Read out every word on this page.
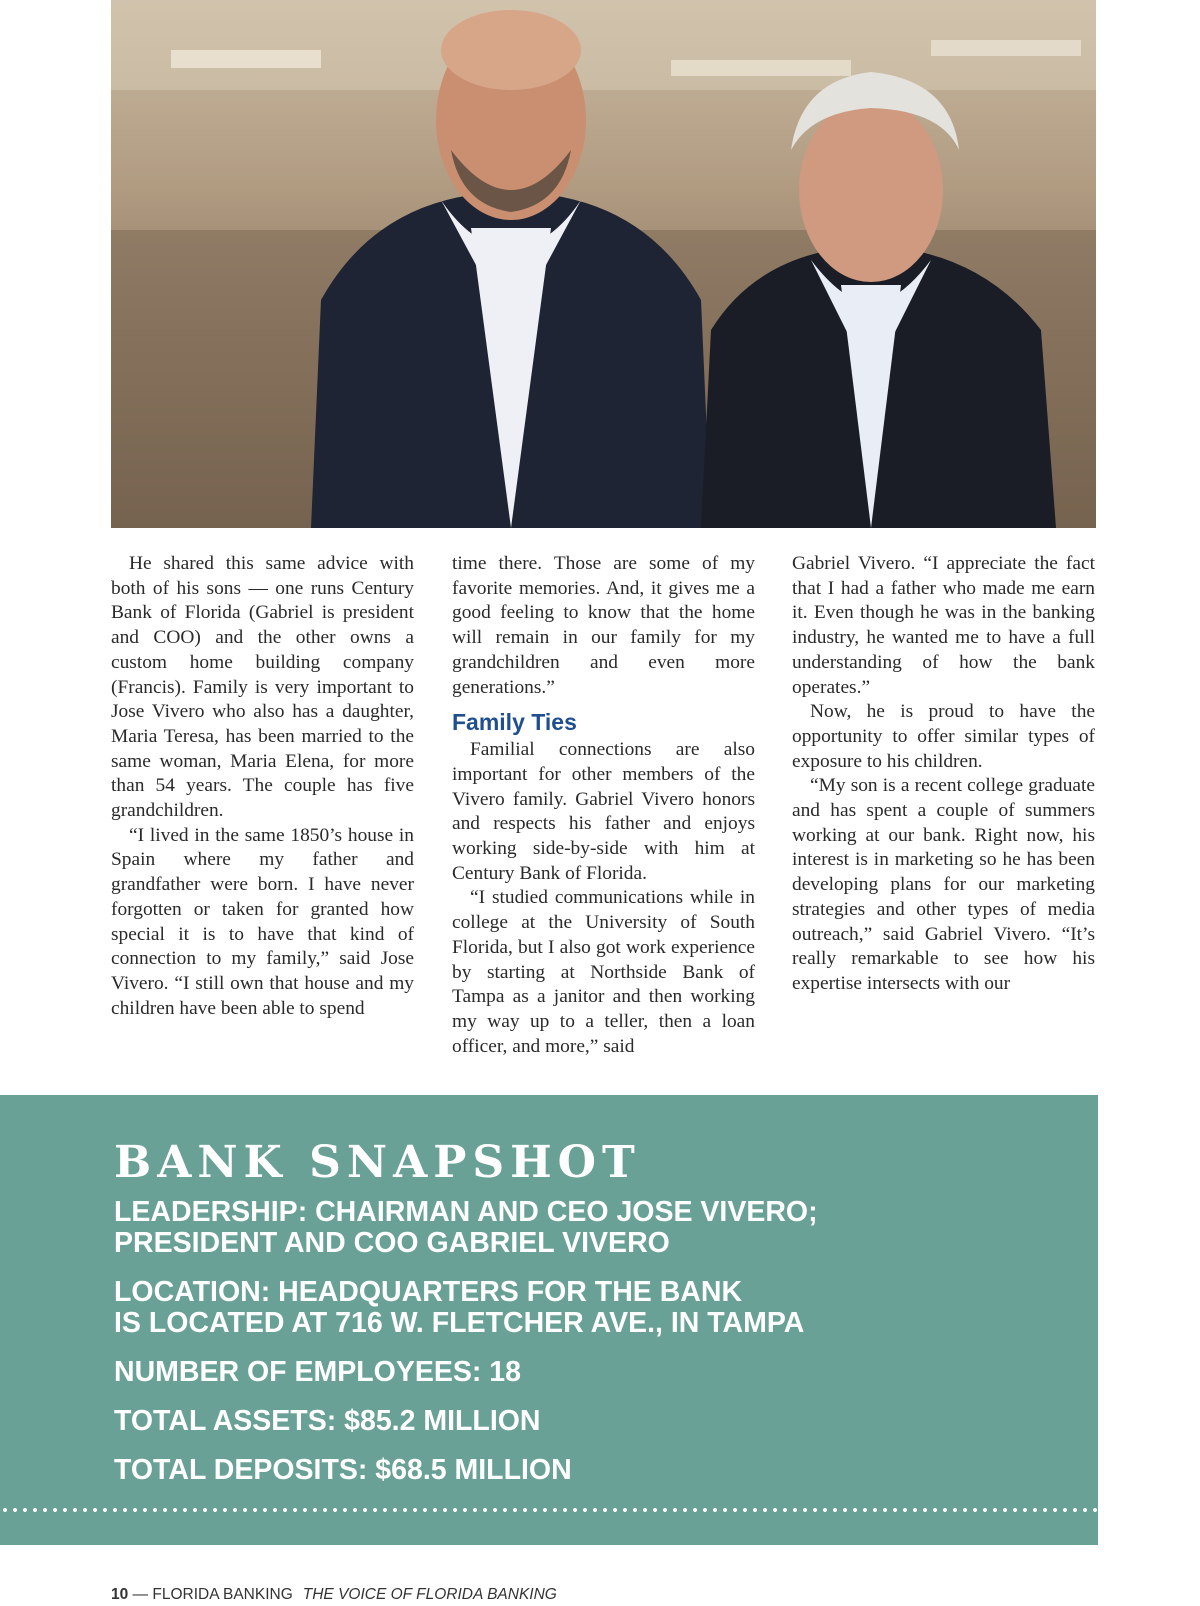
He shared this same advice with both of his sons — one runs Century Bank of Florida (Gabriel is president and COO) and the other owns a custom home building company (Francis). Family is very important to Jose Vivero who also has a daughter, Maria Teresa, has been married to the same woman, Maria Elena, for more than 54 years. The couple has five grandchildren.

“I lived in the same 1850’s house in Spain where my father and grandfather were born. I have never forgotten or taken for granted how special it is to have that kind of connection to my family,” said Jose Vivero. “I still own that house and my children have been able to spend

time there. Those are some of my favorite memories. And, it gives me a good feeling to know that the home will remain in our family for my grandchildren and even more generations.”

Family Ties

Familial connections are also important for other members of the Vivero family. Gabriel Vivero honors and respects his father and enjoys working side-by-side with him at Century Bank of Florida.

“I studied communications while in college at the University of South Florida, but I also got work experience by starting at Northside Bank of Tampa as a janitor and then working my way up to a teller, then a loan officer, and more,” said

Gabriel Vivero. “I appreciate the fact that I had a father who made me earn it. Even though he was in the banking industry, he wanted me to have a full understanding of how the bank operates.”

Now, he is proud to have the opportunity to offer similar types of exposure to his children.

“My son is a recent college graduate and has spent a couple of summers working at our bank. Right now, his interest is in marketing so he has been developing plans for our marketing strategies and other types of media outreach,” said Gabriel Vivero. “It’s really remarkable to see how his expertise intersects with our

BANK SNAPSHOT
LEADERSHIP: CHAIRMAN AND CEO JOSE VIVERO;
PRESIDENT AND COO GABRIEL VIVERO
LOCATION: HEADQUARTERS FOR THE BANK
IS LOCATED AT 716 W. FLETCHER AVE., IN TAMPA
NUMBER OF EMPLOYEES: 18
TOTAL ASSETS: $85.2 MILLION
TOTAL DEPOSITS: $68.5 MILLION
10 — FLORIDA BANKING THE VOICE OF FLORIDA BANKING
